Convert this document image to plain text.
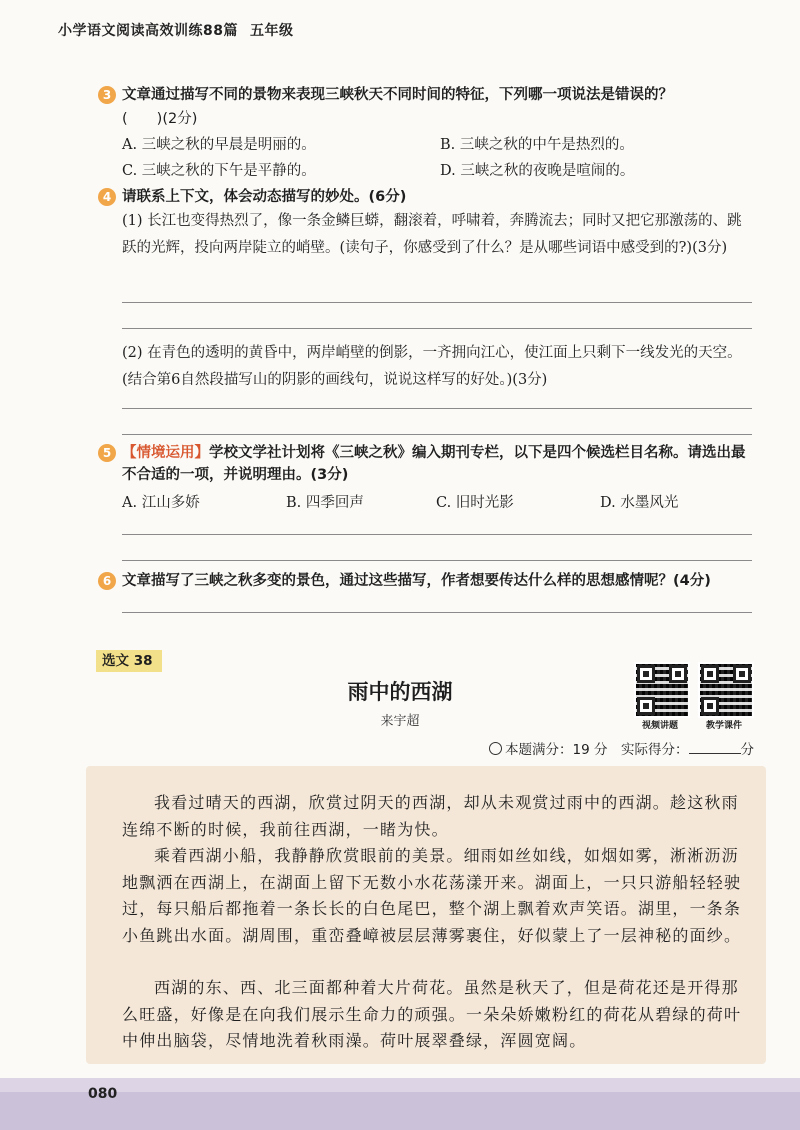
小学语文阅读高效训练88篇 五年级
3 文章通过描写不同的景物来表现三峡秋天不同时间的特征，下列哪一项说法是错误的？
(　　)(2分)
A. 三峡之秋的早晨是明丽的。	B. 三峡之秋的中午是热烈的。
C. 三峡之秋的下午是平静的。	D. 三峡之秋的夜晚是喧闹的。
4 请联系上下文，体会动态描写的妙处。(6分)
(1) 长江也变得热烈了，像一条金鳞巨蟒，翻滚着，呼啸着，奔腾流去；同时又把它那激荡的、跳跃的光辉，投向两岸陡立的峭壁。(读句子，你感受到了什么？是从哪些词语中感受到的?)(3分)
(2) 在青色的透明的黄昏中，两岸峭壁的倒影，一齐拥向江心，使江面上只剩下一线发光的天空。(结合第6自然段描写山的阴影的画线句，说说这样写的好处。)(3分)
5 【情境运用】学校文学社计划将《三峡之秋》编入期刊专栏，以下是四个候选栏目名称。请选出最不合适的一项，并说明理由。(3分)
A. 江山多娇	B. 四季回声	C. 旧时光影	D. 水墨风光
6 文章描写了三峡之秋多变的景色，通过这些描写，作者想要传达什么样的思想感情呢？(4分)
选文 38
雨中的西湖
来宇超	视频讲题	教学课件
本题满分：19 分　实际得分：	分
我看过晴天的西湖，欣赏过阴天的西湖，却从未观赏过雨中的西湖。趁这秋雨连绵不断的时候，我前往西湖，一睹为快。
乘着西湖小船，我静静欣赏眼前的美景。细雨如丝如线，如烟如雾，淅淅沥沥地飘洒在西湖上，在湖面上留下无数小水花荡漾开来。湖面上，一只只游船轻轻驶过，每只船后都拖着一条长长的白色尾巴，整个湖上飘着欢声笑语。湖里，一条条小鱼跳出水面。湖周围，重峦叠嶂被层层薄雾裹住，好似蒙上了一层神秘的面纱。
西湖的东、西、北三面都种着大片荷花。虽然是秋天了，但是荷花还是开得那么旺盛，好像是在向我们展示生命力的顽强。一朵朵娇嫩粉红的荷花从碧绿的荷叶中伸出脑袋，尽情地洗着秋雨澡。荷叶展翠叠绿，浑圆宽阔。
080
